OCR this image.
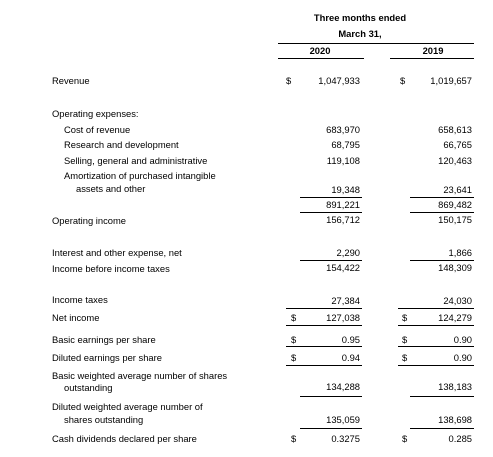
Three months ended
March 31,
2020	2019
Revenue	$	1,047,933	$	1,019,657
Operating expenses:
Cost of revenue	683,970	658,613
Research and development	68,795	66,765
Selling, general and administrative	119,108	120,463
Amortization of purchased intangible
assets and other	19,348	23,641
891,221	869,482
Operating income	156,712	150,175
Interest and other expense, net	2,290	1,866
Income before income taxes	154,422	148,309
Income taxes	27,384	24,030
Net income	$	127,038	$	124,279
Basic earnings per share	$	0.95	$	0.90
Diluted earnings per share	$	0.94	$	0.90
Basic weighted average number of shares
outstanding	134,288	138,183
Diluted weighted average number of
shares outstanding	135,059	138,698
Cash dividends declared per share	$	0.3275	$	0.285
